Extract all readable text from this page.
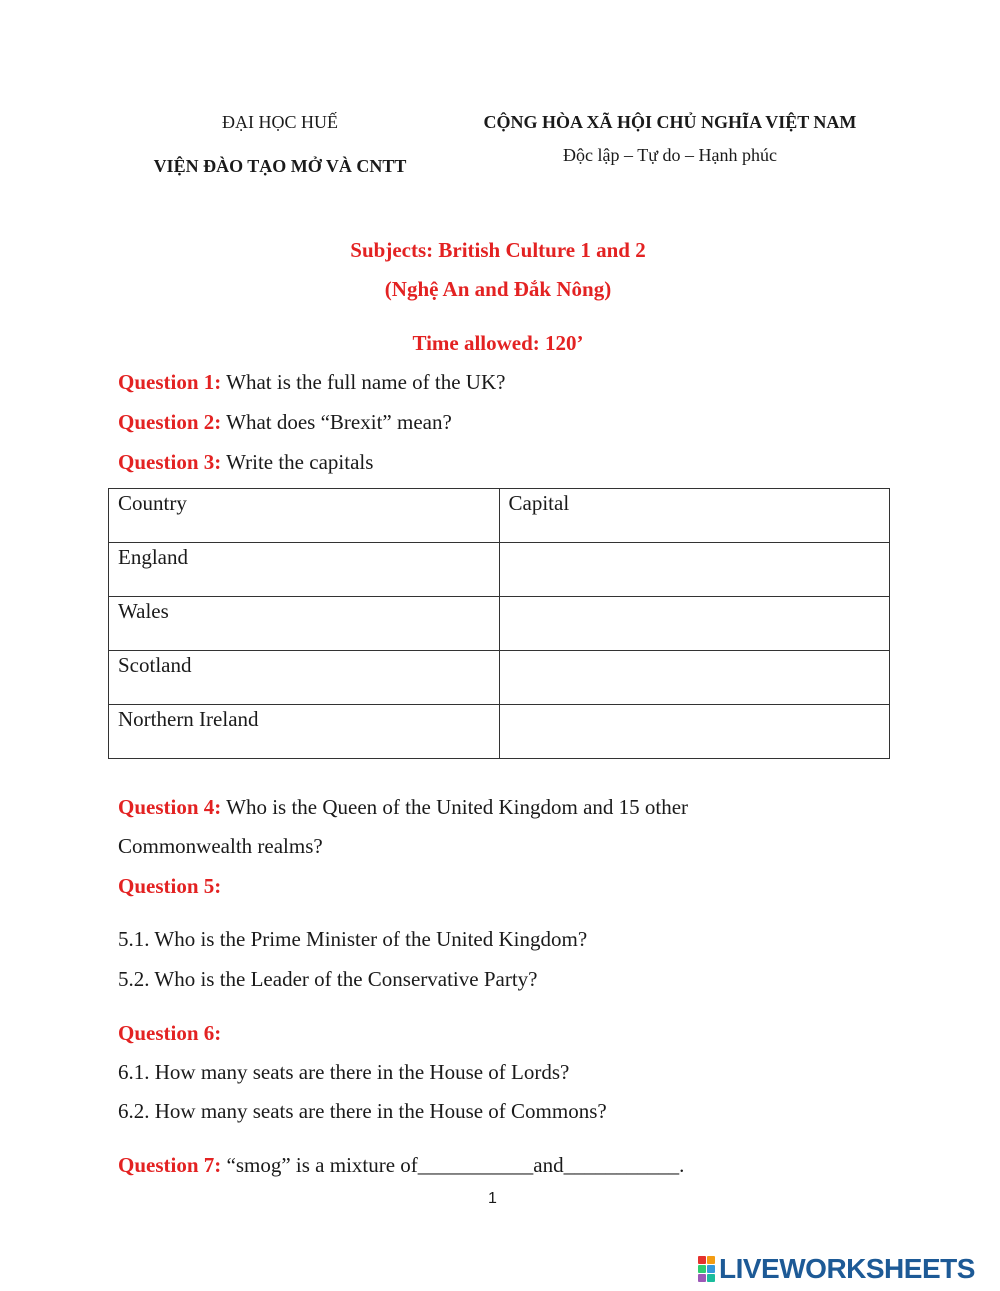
ĐẠI HỌC HUẾ
VIỆN ĐÀO TẠO MỞ VÀ CNTT
CỘNG HÒA XÃ HỘI CHỦ NGHĨA VIỆT NAM
Độc lập – Tự do – Hạnh phúc
Subjects: British Culture 1 and 2
(Nghệ An and Đắk Nông)
Time allowed: 120’
Question 1: What is the full name of the UK?
Question 2: What does “Brexit” mean?
Question 3: Write the capitals
Country	Capital
England	
Wales	
Scotland	
Northern Ireland	
Question 4: Who is the Queen of the United Kingdom and 15 other
Commonwealth realms?
Question 5:
5.1. Who is the Prime Minister of the United Kingdom?
5.2. Who is the Leader of the Conservative Party?
Question 6:
6.1. How many seats are there in the House of Lords?
6.2. How many seats are there in the House of Commons?
Question 7: “smog” is a mixture of___________and___________.
1
LIVEWORKSHEETS
